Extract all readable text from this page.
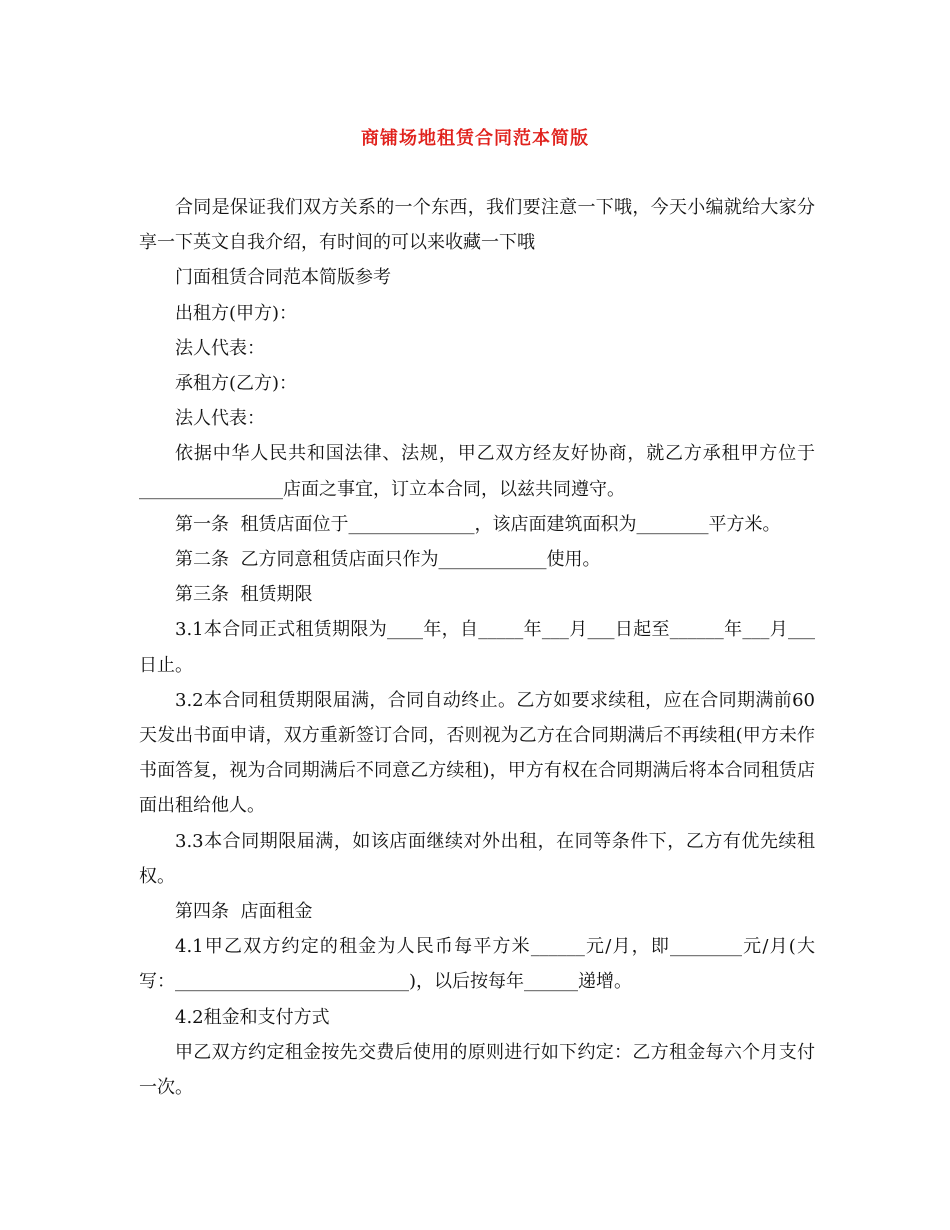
商铺场地租赁合同范本简版

合同是保证我们双方关系的一个东西，我们要注意一下哦，今天小编就给大家分享一下英文自我介绍，有时间的可以来收藏一下哦

门面租赁合同范本简版参考

出租方(甲方)：

法人代表：

承租方(乙方)：

法人代表：

依据中华人民共和国法律、法规，甲乙双方经友好协商，就乙方承租甲方位于________________店面之事宜，订立本合同，以兹共同遵守。

第一条  租赁店面位于______________，该店面建筑面积为________平方米。

第二条  乙方同意租赁店面只作为____________使用。

第三条  租赁期限

3.1本合同正式租赁期限为____年，自_____年___月___日起至______年___月___日止。

3.2本合同租赁期限届满，合同自动终止。乙方如要求续租，应在合同期满前60天发出书面申请，双方重新签订合同，否则视为乙方在合同期满后不再续租(甲方未作书面答复，视为合同期满后不同意乙方续租)，甲方有权在合同期满后将本合同租赁店面出租给他人。

3.3本合同期限届满，如该店面继续对外出租，在同等条件下，乙方有优先续租权。

第四条  店面租金

4.1甲乙双方约定的租金为人民币每平方米______元/月，即________元/月(大写：__________________________)，以后按每年______递增。

4.2租金和支付方式

甲乙双方约定租金按先交费后使用的原则进行如下约定：乙方租金每六个月支付一次。
